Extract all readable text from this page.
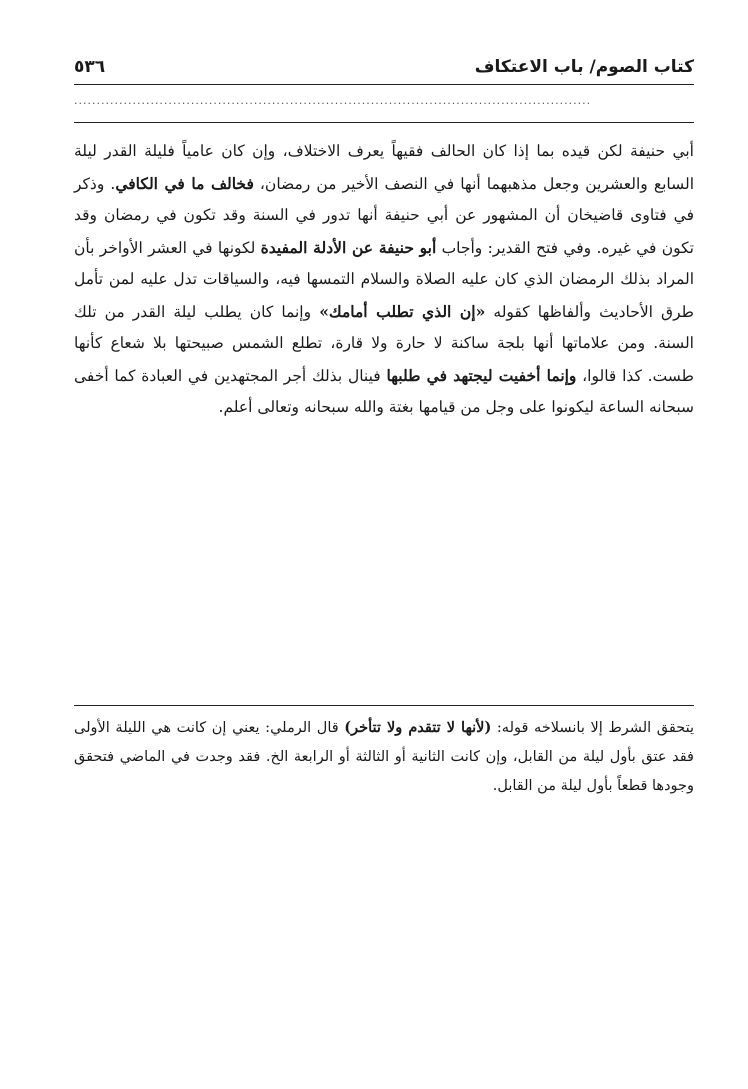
٥٣٦	كتاب الصوم/ باب الاعتكاف
...................................................................................................................

أبي حنيفة لكن قيده بما إذا كان الحالف فقيهاً يعرف الاختلاف، وإن كان عامياً فليلة القدر ليلة السابع والعشرين وجعل مذهبهما أنها في النصف الأخير من رمضان، فخالف ما في الكافي. وذكر في فتاوى قاضيخان أن المشهور عن أبي حنيفة أنها تدور في السنة وقد تكون في رمضان وقد تكون في غيره. وفي فتح القدير: وأجاب أبو حنيفة عن الأدلة المفيدة لكونها في العشر الأواخر بأن المراد بذلك الرمضان الذي كان عليه الصلاة والسلام التمسها فيه، والسياقات تدل عليه لمن تأمل طرق الأحاديث وألفاظها كقوله «إن الذي تطلب أمامك» وإنما كان يطلب ليلة القدر من تلك السنة. ومن علاماتها أنها بلجة ساكنة لا حارة ولا قارة، تطلع الشمس صبيحتها بلا شعاع كأنها طست. كذا قالوا، وإنما أخفيت ليجتهد في طلبها فينال بذلك أجر المجتهدين في العبادة كما أخفى سبحانه الساعة ليكونوا على وجل من قيامها بغتة والله سبحانه وتعالى أعلم.

يتحقق الشرط إلا بانسلاخه قوله: (لأنها لا تتقدم ولا تتأخر) قال الرملي: يعني إن كانت هي الليلة الأولى فقد عتق بأول ليلة من القابل، وإن كانت الثانية أو الثالثة أو الرابعة الخ. فقد وجدت في الماضي فتحقق وجودها قطعاً بأول ليلة من القابل.
